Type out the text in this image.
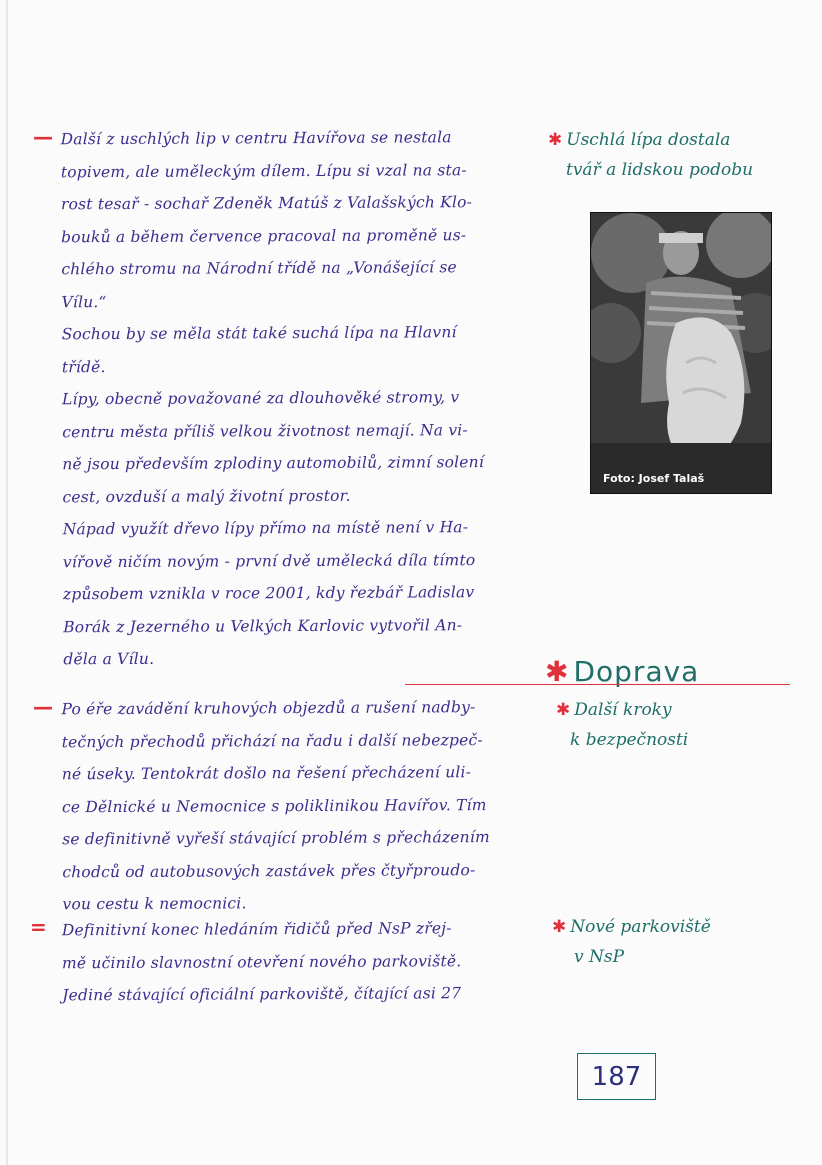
— Další z uschlých lip v centru Havířova se nestala

topivem, ale uměleckým dílem. Lípu si vzal na sta-

rost tesař - sochař Zdeněk Matúš z Valašských Klo-

bouků a během července pracoval na proměně us-

chlého stromu na Národní třídě na „Vonášející se

Vílu.“

Sochou by se měla stát také suchá lípa na Hlavní

třídě.

Lípy, obecně považované za dlouhověké stromy, v

centru města příliš velkou životnost nemají. Na vi-

ně jsou především zplodiny automobilů, zimní solení

cest, ovzduší a malý životní prostor.

Nápad využít dřevo lípy přímo na místě není v Ha-

vířově ničím novým - první dvě umělecká díla tímto

způsobem vznikla v roce 2001, kdy řezbář Ladislav

Borák z Jezerného u Velkých Karlovic vytvořil An-

děla a Vílu.

✱ Uschlá lípa dostala
tvář a lidskou podobu
Foto: Josef Talaš
✱ Doprava
— Po éře zavádění kruhových objezdů a rušení nadby-

tečných přechodů přichází na řadu i další nebezpeč-

né úseky. Tentokrát došlo na řešení přecházení uli-

ce Dělnické u Nemocnice s poliklinikou Havířov. Tím

se definitivně vyřeší stávající problém s přecházením

chodců od autobusových zastávek přes čtyřproudo-

vou cestu k nemocnici.

✱ Další kroky
k bezpečnosti
= Definitivní konec hledáním řidičů před NsP zřej-

mě učinilo slavnostní otevření nového parkoviště.

Jediné stávající oficiální parkoviště, čítající asi 27

✱ Nové parkoviště
v NsP
187
